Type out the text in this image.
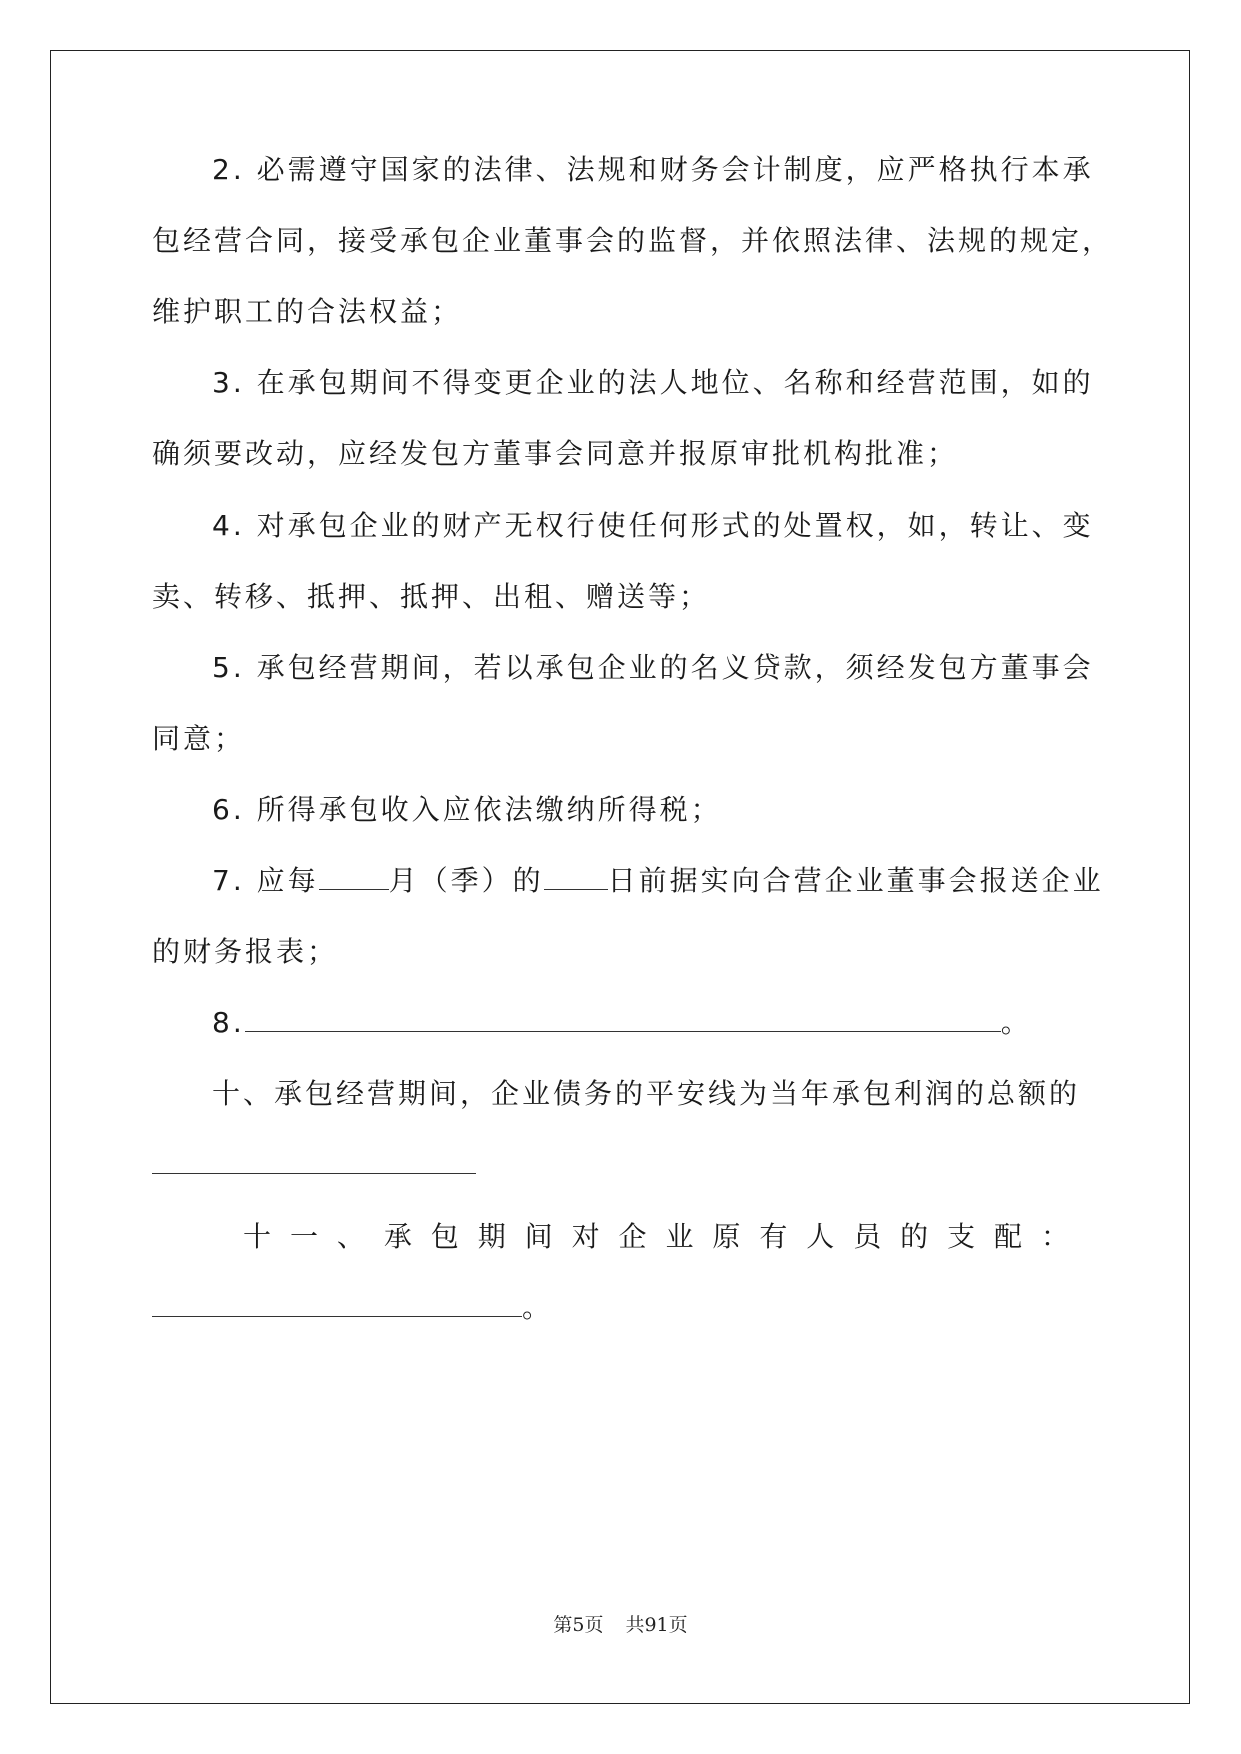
2. 必需遵守国家的法律、法规和财务会计制度，应严格执行本承
包经营合同，接受承包企业董事会的监督，并依照法律、法规的规定，
维护职工的合法权益；
3. 在承包期间不得变更企业的法人地位、名称和经营范围，如的
确须要改动，应经发包方董事会同意并报原审批机构批准；
4. 对承包企业的财产无权行使任何形式的处置权，如，转让、变
卖、转移、抵押、抵押、出租、赠送等；
5. 承包经营期间，若以承包企业的名义贷款，须经发包方董事会
同意；
6. 所得承包收入应依法缴纳所得税；
7. 应每	月（季）的 日前据实向合营企业董事会报送企业
的财务报表；
8.	。
十、承包经营期间，企业债务的平安线为当年承包利润的总额的
十 一 、 承 包 期 间 对 企 业 原 有 人 员 的 支 配 ：
。
第5页 共91页
